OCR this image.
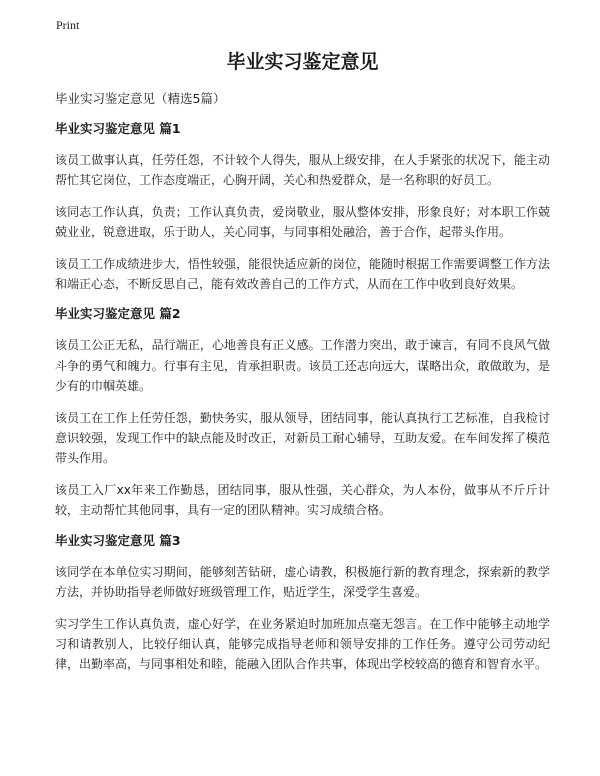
Print
毕业实习鉴定意见
毕业实习鉴定意见（精选5篇）
毕业实习鉴定意见 篇1

该员工做事认真，任劳任怨，不计较个人得失，服从上级安排，在人手紧张的状况下，能主动帮忙其它岗位，工作态度端正，心胸开阔，关心和热爱群众，是一名称职的好员工。

该同志工作认真，负责；工作认真负责，爱岗敬业，服从整体安排，形象良好；对本职工作兢兢业业，锐意进取，乐于助人，关心同事，与同事相处融洽，善于合作，起带头作用。

该员工工作成绩进步大，悟性较强，能很快适应新的岗位，能随时根据工作需要调整工作方法和端正心态，不断反思自己，能有效改善自己的工作方式，从而在工作中收到良好效果。

毕业实习鉴定意见 篇2

该员工公正无私，品行端正，心地善良有正义感。工作潜力突出，敢于谏言，有同不良风气做斗争的勇气和魄力。行事有主见，肯承担职责。该员工还志向远大，谋略出众，敢做敢为，是少有的巾帼英雄。

该员工在工作上任劳任怨，勤快务实，服从领导，团结同事，能认真执行工艺标准，自我检讨意识较强，发现工作中的缺点能及时改正，对新员工耐心辅导，互助友爱。在车间发挥了模范带头作用。

该员工入厂xx年来工作勤恳，团结同事，服从性强，关心群众，为人本份，做事从不斤斤计较，主动帮忙其他同事，具有一定的团队精神。实习成绩合格。

毕业实习鉴定意见 篇3

该同学在本单位实习期间，能够刻苦钻研，虚心请教，积极施行新的教育理念，探索新的教学方法，并协助指导老师做好班级管理工作，贴近学生，深受学生喜爱。

实习学生工作认真负责，虚心好学，在业务紧迫时加班加点毫无怨言。在工作中能够主动地学习和请教别人，比较仔细认真，能够完成指导老师和领导安排的工作任务。遵守公司劳动纪律，出勤率高，与同事相处和睦，能融入团队合作共事，体现出学校较高的德育和智育水平。
